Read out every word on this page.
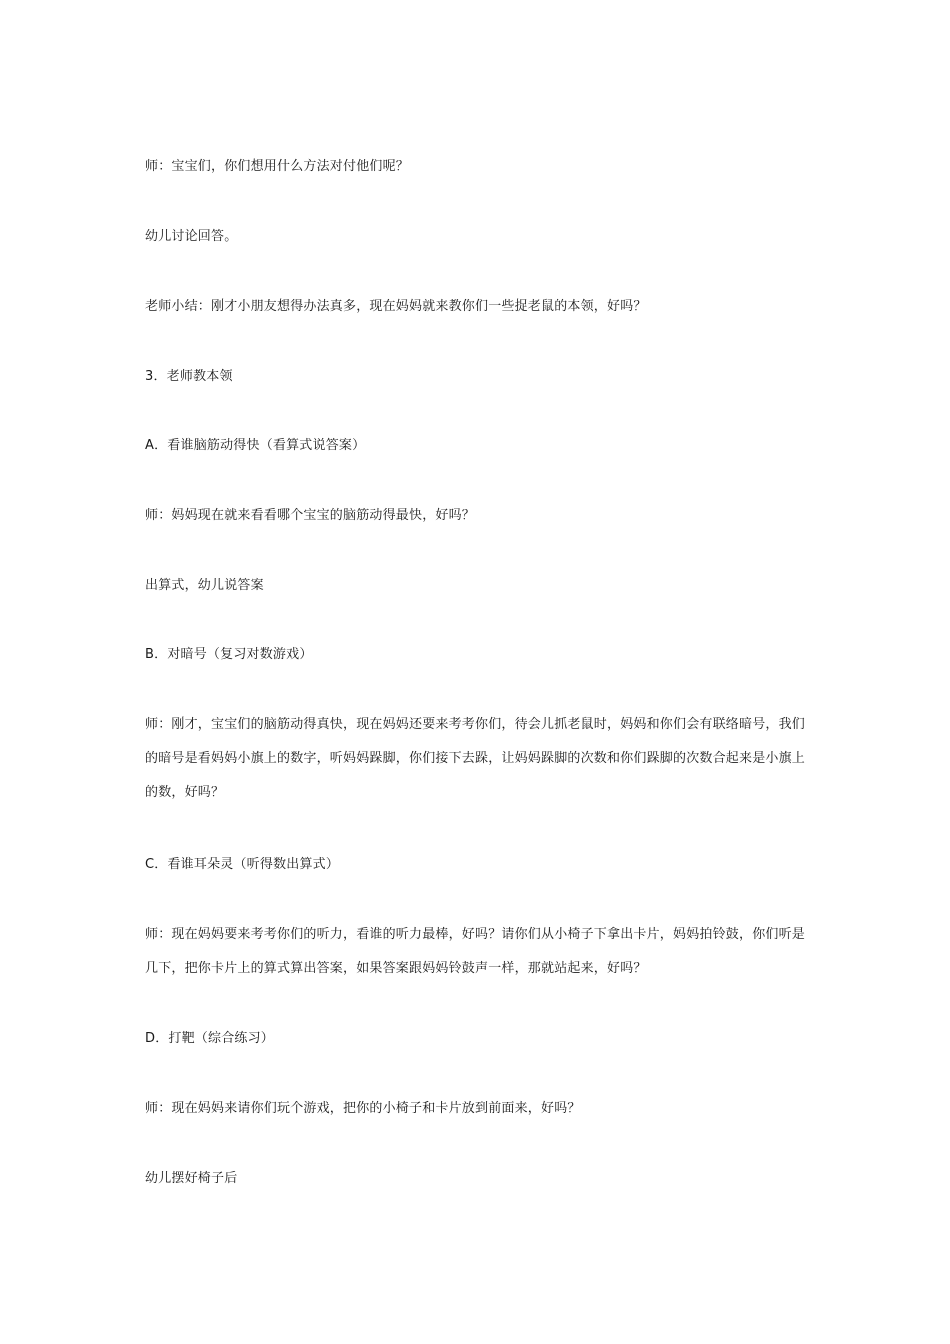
师：宝宝们，你们想用什么方法对付他们呢？

幼儿讨论回答。

老师小结：刚才小朋友想得办法真多，现在妈妈就来教你们一些捉老鼠的本领，好吗？

3．老师教本领

A．看谁脑筋动得快（看算式说答案）

师：妈妈现在就来看看哪个宝宝的脑筋动得最快，好吗？

出算式，幼儿说答案

B．对暗号（复习对数游戏）

师：刚才，宝宝们的脑筋动得真快，现在妈妈还要来考考你们，待会儿抓老鼠时，妈妈和你们会有联络暗号，我们的暗号是看妈妈小旗上的数字，听妈妈跺脚，你们接下去跺，让妈妈跺脚的次数和你们跺脚的次数合起来是小旗上的数，好吗？

C．看谁耳朵灵（听得数出算式）

师：现在妈妈要来考考你们的听力，看谁的听力最棒，好吗？请你们从小椅子下拿出卡片，妈妈拍铃鼓，你们听是几下，把你卡片上的算式算出答案，如果答案跟妈妈铃鼓声一样，那就站起来，好吗？

D．打靶（综合练习）

师：现在妈妈来请你们玩个游戏，把你的小椅子和卡片放到前面来，好吗？

幼儿摆好椅子后
